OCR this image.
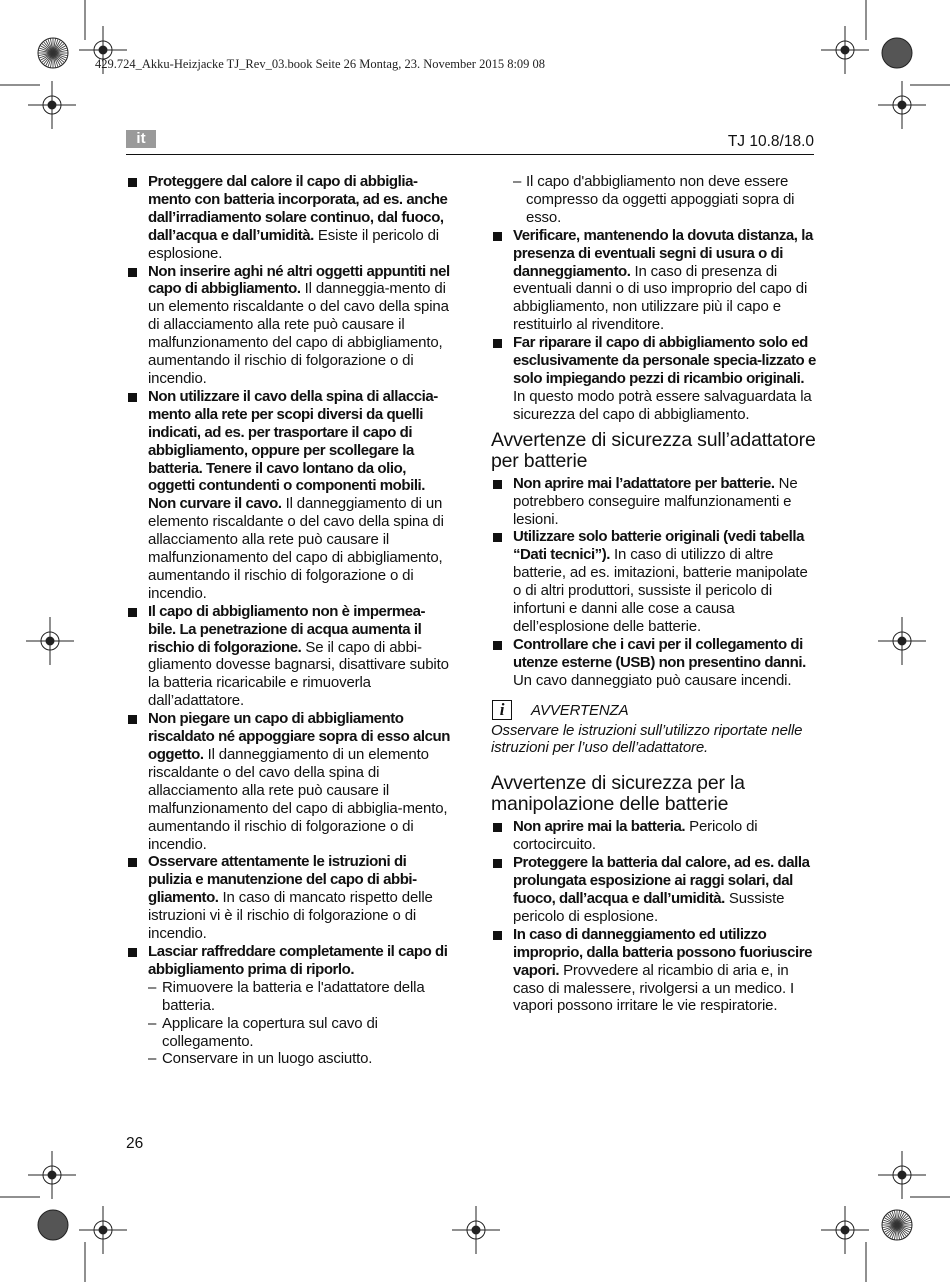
429.724_Akku-Heizjacke TJ_Rev_03.book Seite 26 Montag, 23. November 2015 8:09 08
it	TJ 10.8/18.0

Proteggere dal calore il capo di abbiglia-mento con batteria incorporata, ad es. anche dall’irradiamento solare continuo, dal fuoco, dall’acqua e dall’umidità. Esiste il pericolo di esplosione.

Non inserire aghi né altri oggetti appuntiti nel capo di abbigliamento. Il danneggia-mento di un elemento riscaldante o del cavo della spina di allacciamento alla rete può causare il malfunzionamento del capo di abbigliamento, aumentando il rischio di folgorazione o di incendio.

Non utilizzare il cavo della spina di allaccia-mento alla rete per scopi diversi da quelli indicati, ad es. per trasportare il capo di abbigliamento, oppure per scollegare la batteria. Tenere il cavo lontano da olio, oggetti contundenti o componenti mobili. Non curvare il cavo. Il danneggiamento di un elemento riscaldante o del cavo della spina di allacciamento alla rete può causare il malfunzionamento del capo di abbigliamento, aumentando il rischio di folgorazione o di incendio.

Il capo di abbigliamento non è impermea-bile. La penetrazione di acqua aumenta il rischio di folgorazione. Se il capo di abbi-gliamento dovesse bagnarsi, disattivare subito la batteria ricaricabile e rimuoverla dall’adattatore.

Non piegare un capo di abbigliamento riscaldato né appoggiare sopra di esso alcun oggetto. Il danneggiamento di un elemento riscaldante o del cavo della spina di allacciamento alla rete può causare il malfunzionamento del capo di abbiglia-mento, aumentando il rischio di folgorazione o di incendio.

Osservare attentamente le istruzioni di pulizia e manutenzione del capo di abbi-gliamento. In caso di mancato rispetto delle istruzioni vi è il rischio di folgorazione o di incendio.

Lasciar raffreddare completamente il capo di abbigliamento prima di riporlo.

– Rimuovere la batteria e l'adattatore della batteria.

– Applicare la copertura sul cavo di collegamento.

– Conservare in un luogo asciutto.

– Il capo d'abbigliamento non deve essere compresso da oggetti appoggiati sopra di esso.

Verificare, mantenendo la dovuta distanza, la presenza di eventuali segni di usura o di danneggiamento. In caso di presenza di eventuali danni o di uso improprio del capo di abbigliamento, non utilizzare più il capo e restituirlo al rivenditore.

Far riparare il capo di abbigliamento solo ed esclusivamente da personale specia-lizzato e solo impiegando pezzi di ricambio originali. In questo modo potrà essere salvaguardata la sicurezza del capo di abbigliamento.

Avvertenze di sicurezza sull’adattatore per batterie

Non aprire mai l’adattatore per batterie. Ne potrebbero conseguire malfunzionamenti e lesioni.

Utilizzare solo batterie originali (vedi tabella “Dati tecnici”). In caso di utilizzo di altre batterie, ad es. imitazioni, batterie manipolate o di altri produttori, sussiste il pericolo di infortuni e danni alle cose a causa dell’esplosione delle batterie.

Controllare che i cavi per il collegamento di utenze esterne (USB) non presentino danni. Un cavo danneggiato può causare incendi.

i	AVVERTENZA
Osservare le istruzioni sull’utilizzo riportate nelle istruzioni per l’uso dell’adattatore.
Avvertenze di sicurezza per la manipolazione delle batterie

Non aprire mai la batteria. Pericolo di cortocircuito.

Proteggere la batteria dal calore, ad es. dalla prolungata esposizione ai raggi solari, dal fuoco, dall’acqua e dall’umidità. Sussiste pericolo di esplosione.

In caso di danneggiamento ed utilizzo improprio, dalla batteria possono fuoriuscire vapori. Provvedere al ricambio di aria e, in caso di malessere, rivolgersi a un medico. I vapori possono irritare le vie respiratorie.

26
